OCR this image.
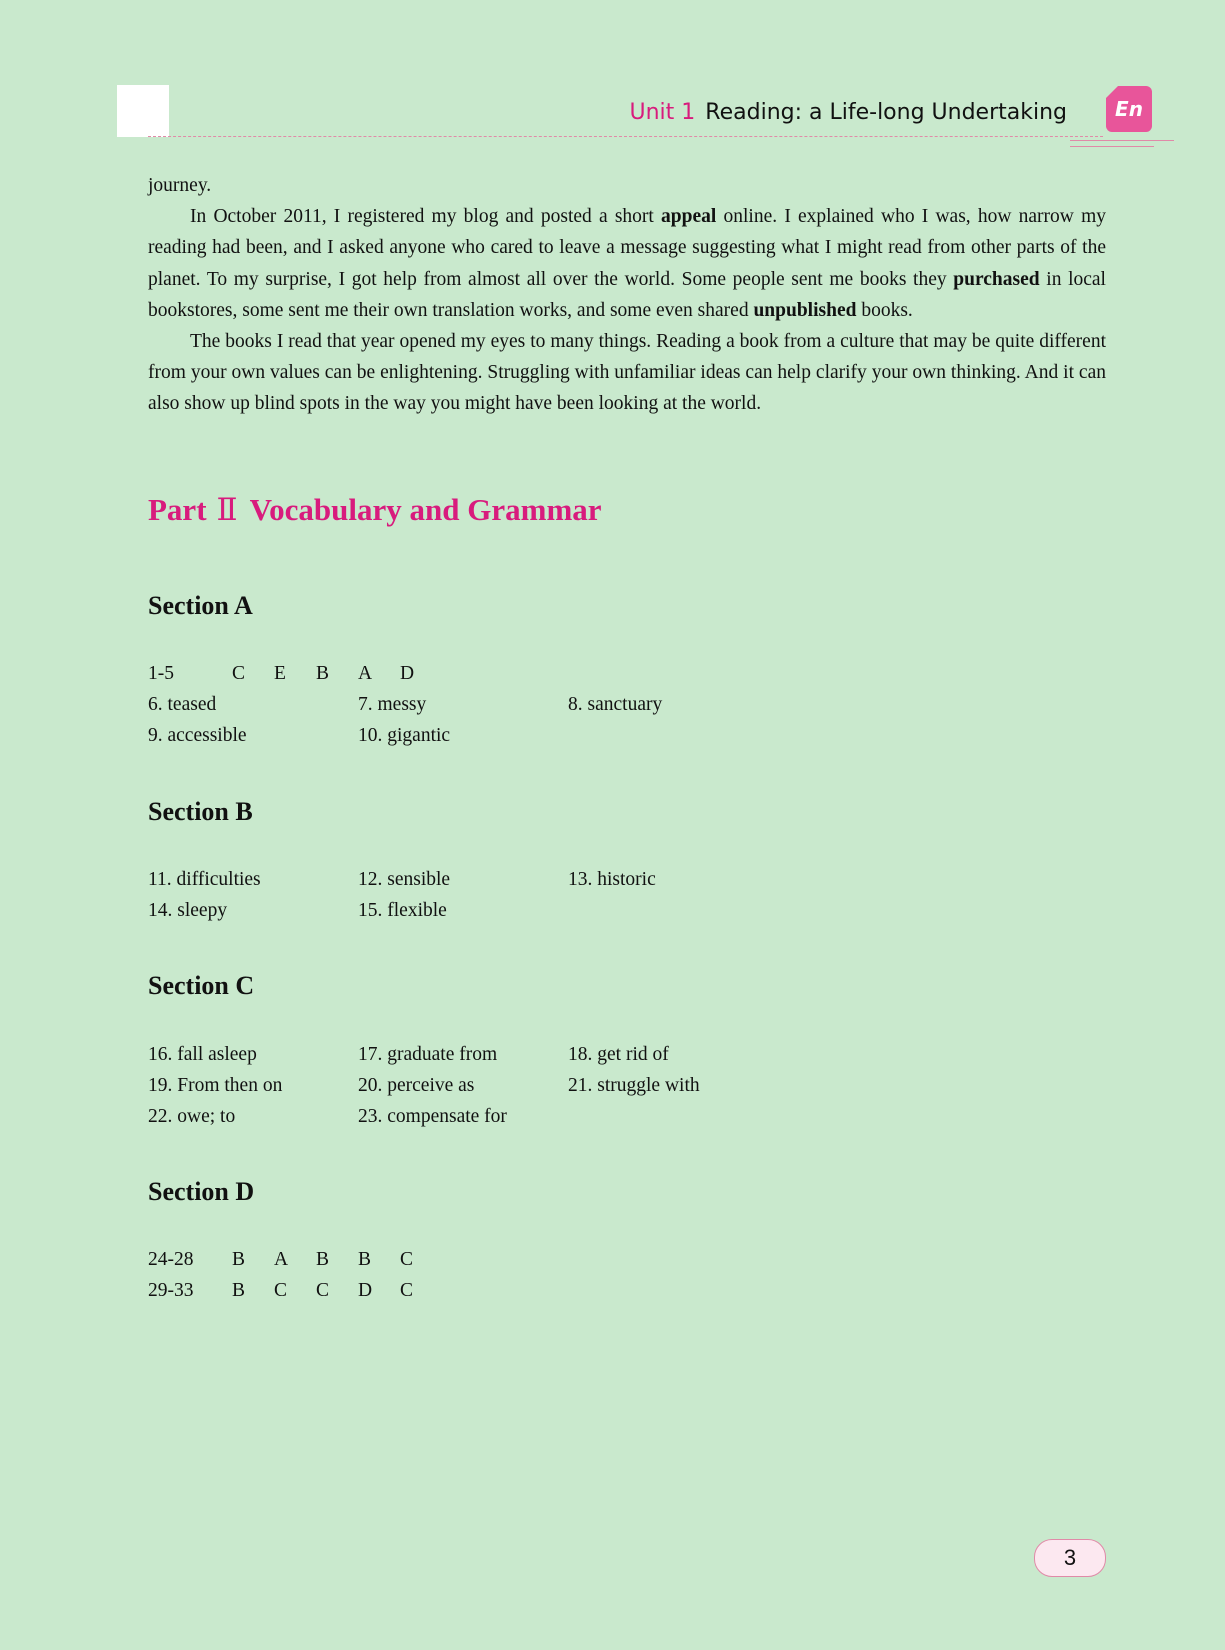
Unit 1 Reading: a Life-long Undertaking En

journey.

In October 2011, I registered my blog and posted a short appeal online. I explained who I was, how narrow my reading had been, and I asked anyone who cared to leave a message suggesting what I might read from other parts of the planet. To my surprise, I got help from almost all over the world. Some people sent me books they purchased in local bookstores, some sent me their own translation works, and some even shared unpublished books.

The books I read that year opened my eyes to many things. Reading a book from a culture that may be quite different from your own values can be enlightening. Struggling with unfamiliar ideas can help clarify your own thinking. And it can also show up blind spots in the way you might have been looking at the world.

Part Ⅱ Vocabulary and Grammar
Section A
1-5	C E B A D
6. teased	7. messy	8. sanctuary
9. accessible	10. gigantic
Section B
11. difficulties	12. sensible	13. historic
14. sleepy	15. flexible
Section C
16. fall asleep	17. graduate from	18. get rid of
19. From then on	20. perceive as	21. struggle with
22. owe; to	23. compensate for
Section D
24-28 B A B B C
29-33 B C C D C
3
